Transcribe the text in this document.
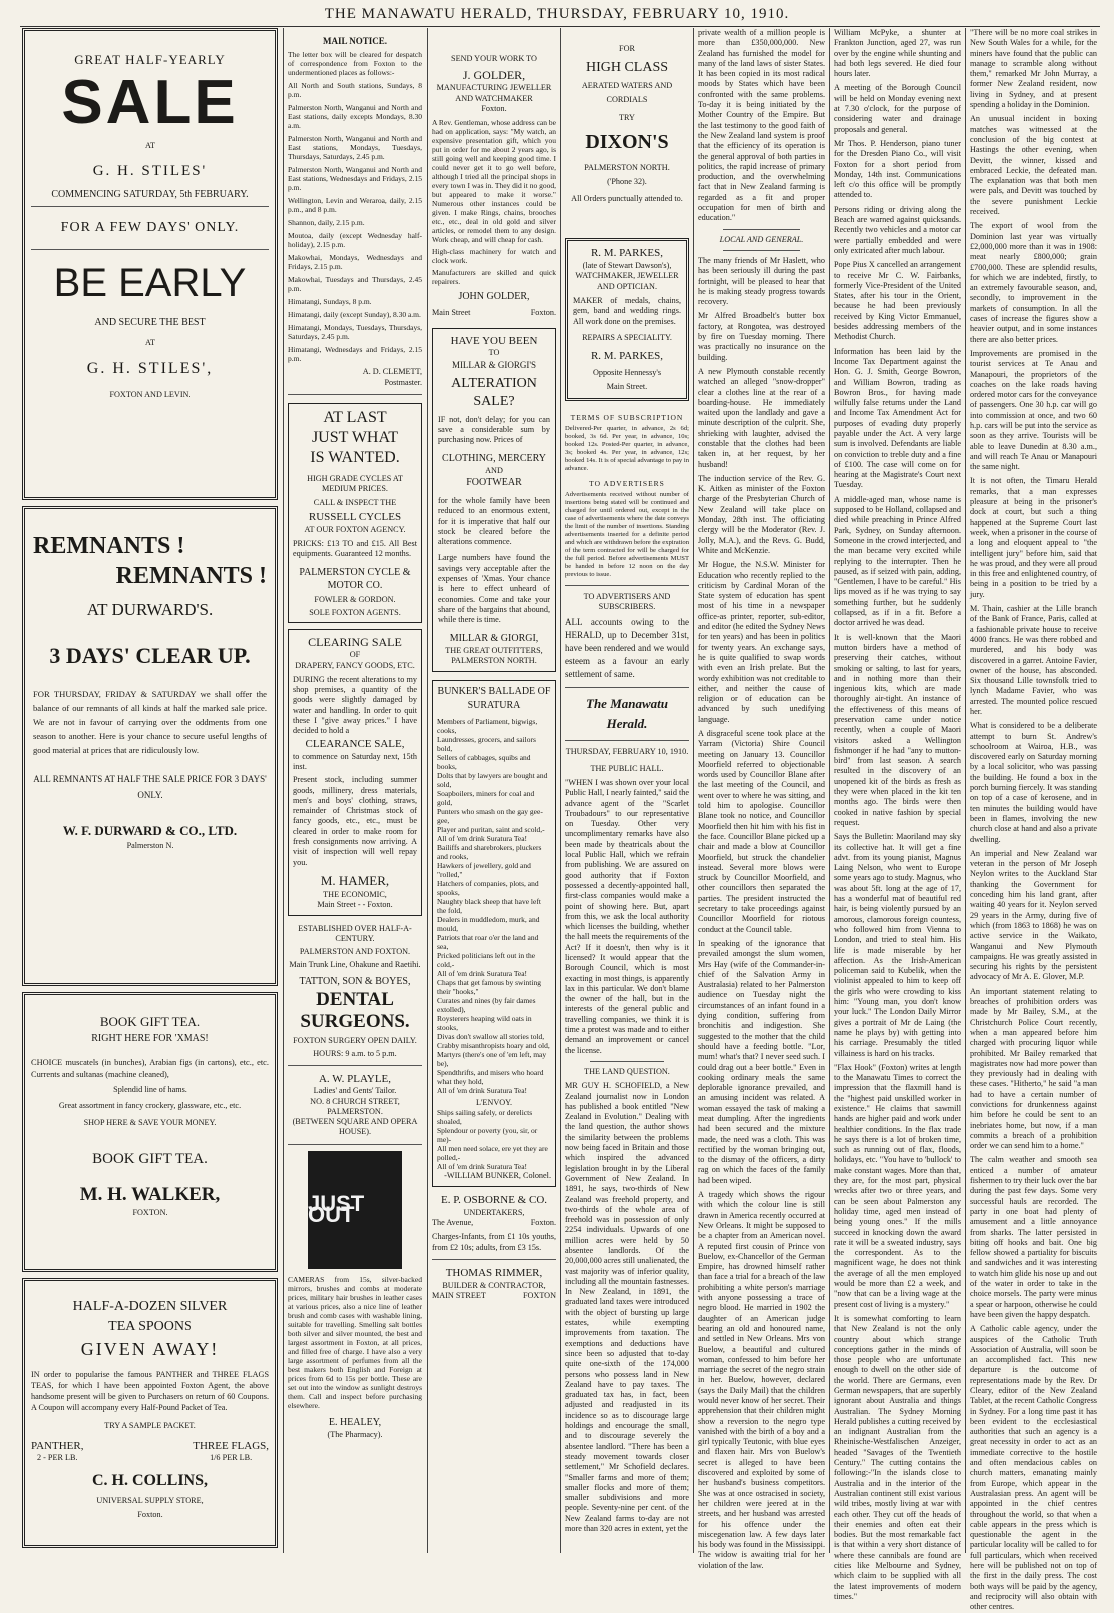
THE MANAWATU HERALD, THURSDAY, FEBRUARY 10, 1910.
GREAT HALF-YEARLY
SALE
AT
G. H. STILES'
COMMENCING SATURDAY, 5th FEBRUARY.
FOR A FEW DAYS' ONLY.
BE EARLY
AND SECURE THE BEST
AT
G. H. STILES',
FOXTON AND LEVIN.
REMNANTS !
REMNANTS !
AT DURWARD'S.
3 DAYS' CLEAR UP.
FOR THURSDAY, FRIDAY & SATURDAY we shall offer the balance of our remnants of all kinds at half the marked sale price. We are not in favour of carrying over the oddments from one season to another. Here is your chance to secure useful lengths of good material at prices that are ridiculously low.
ALL REMNANTS AT HALF THE SALE PRICE FOR 3 DAYS' ONLY.
W. F. DURWARD & CO., LTD.
Palmerston N.
BOOK GIFT TEA.
RIGHT HERE FOR 'XMAS!
CHOICE muscatels (in bunches), Arabian figs (in cartons), etc., etc. Currents and sultanas (machine cleaned),
Splendid line of hams.
Great assortment in fancy crockery, glassware, etc., etc.
SHOP HERE & SAVE YOUR MONEY.
BOOK GIFT TEA.
M. H. WALKER,
FOXTON.
HALF-A-DOZEN SILVER
TEA SPOONS
GIVEN AWAY!
IN order to popularise the famous PANTHER and THREE FLAGS TEAS, for which I have been appointed Foxton Agent, the above handsome present will be given to Purchasers on return of 60 Coupons. A Coupon will accompany every Half-Pound Packet of Tea.
TRY A SAMPLE PACKET.
PANTHER,
2 - PER LB.
THREE FLAGS,
1/6 PER LB.
C. H. COLLINS,
UNIVERSAL SUPPLY STORE,
Foxton.
MAIL NOTICE.

The letter box will be cleared for despatch of correspondence from Foxton to the undermentioned places as follows:-

All North and South stations, Sundays, 8 p.m.

Palmerston North, Wanganui and North and East stations, daily excepts Mondays, 8.30 a.m.

Palmerston North, Wanganui and North and East stations, Mondays, Tuesdays, Thursdays, Saturdays, 2.45 p.m.

Palmerston North, Wanganui and North and East stations, Wednesdays and Fridays, 2.15 p.m.

Wellington, Levin and Weraroa, daily, 2.15 p.m., and 8 p.m.

Shannon, daily, 2.15 p.m.

Moutoa, daily (except Wednesday half-holiday), 2.15 p.m.

Makowhai, Mondays, Wednesdays and Fridays, 2.15 p.m.

Makowhai, Tuesdays and Thursdays, 2.45 p.m.

Himatangi, Sundays, 8 p.m.

Himatangi, daily (except Sunday), 8.30 a.m.

Himatangi, Mondays, Tuesdays, Thursdays, Saturdays, 2.45 p.m.

Himatangi, Wednesdays and Fridays, 2.15 p.m.

A. D. CLEMETT,
Postmaster.
AT LAST
JUST WHAT
IS WANTED.
HIGH GRADE CYCLES AT MEDIUM PRICES.
CALL & INSPECT THE
RUSSELL CYCLES
AT OUR FOXTON AGENCY.
PRICKS: £13 TO and £15. All Best equipments. Guaranteed 12 months.
PALMERSTON CYCLE & MOTOR CO.
FOWLER & GORDON.
SOLE FOXTON AGENTS.
CLEARING SALE
OF
DRAPERY, FANCY GOODS, ETC.
DURING the recent alterations to my shop premises, a quantity of the goods were slightly damaged by water and handling. In order to quit these I "give away prices." I have decided to hold a
CLEARANCE SALE,
to commence on Saturday next, 15th inst.
Present stock, including summer goods, millinery, dress materials, men's and boys' clothing, straws, remainder of Christmas stock of fancy goods, etc., etc., must be cleared in order to make room for fresh consignments now arriving. A visit of inspection will well repay you.
M. HAMER,
THE ECONOMIC,
Main Street - - Foxton.
ESTABLISHED OVER HALF-A-CENTURY.
PALMERSTON AND FOXTON.
Main Trunk Line, Ohakune and Raetihi.
TATTON, SON & BOYES,
DENTAL
SURGEONS.
FOXTON SURGERY OPEN DAILY.
HOURS: 9 a.m. to 5 p.m.
A. W. PLAYLE,
Ladies' and Gents' Tailor.
NO. 8 CHURCH STREET, PALMERSTON.
(BETWEEN SQUARE AND OPERA HOUSE).
JUST OUT
CAMERAS from 15s, silver-backed mirrors, brushes and combs at moderate prices, military hair brushes in leather cases at various prices, also a nice line of leather brush and comb cases with washable lining, suitable for travelling. Smelling salt bottles both silver and silver mounted, the best and largest assortment in Foxton, at all prices, and filled free of charge. I have also a very large assortment of perfumes from all the best makers both English and Foreign at prices from 6d to 15s per bottle. These are set out into the window as sunlight destroys them. Call and inspect before purchasing elsewhere.
E. HEALEY,
(The Pharmacy).
SEND YOUR WORK TO
J. GOLDER,
MANUFACTURING JEWELLER AND WATCHMAKER
Foxton.
A Rev. Gentleman, whose address can be had on application, says: "My watch, an expensive presentation gift, which you put in order for me about 2 years ago, is still going well and keeping good time. I could never get it to go well before, although I tried all the principal shops in every town I was in. They did it no good, but appeared to make it worse." Numerous other instances could be given. I make Rings, chains, brooches etc., etc., deal in old gold and silver articles, or remodel them to any design. Work cheap, and will cheap for cash.
High-class machinery for watch and clock work.
Manufacturers are skilled and quick repairers.
JOHN GOLDER,
Main Street	Foxton.
HAVE YOU BEEN
TO
MILLAR & GIORGI'S
ALTERATION
SALE?
IF not, don't delay; for you can save a considerable sum by purchasing now. Prices of
CLOTHING, MERCERY
AND
FOOTWEAR
for the whole family have been reduced to an enormous extent, for it is imperative that half our stock be cleared before the alterations commence.
Large numbers have found the savings very acceptable after the expenses of 'Xmas. Your chance is here to effect unheard of economies. Come and take your share of the bargains that abound, while there is time.
MILLAR & GIORGI,
THE GREAT OUTFITTERS,
PALMERSTON NORTH.
BUNKER'S BALLADE OF SURATURA
Members of Parliament, bigwigs, cooks,
Laundresses, grocers, and sailors bold,
Sellers of cabbages, squibs and books,
Dolts that by lawyers are bought and sold,
Soapboilers, miners for coal and gold,
Punters who smash on the gay gee-gee,
Player and puritan, saint and scold,-
All of 'em drink Suratura Tea!
Bailiffs and sharebrokers, pluckers and rooks,
Hawkers of jewellery, gold and "rolled,"
Hatchers of companies, plots, and spooks,
Naughty black sheep that have left the fold,
Dealers in muddledom, murk, and mould,
Patriots that roar o'er the land and sea,
Pricked politicians left out in the cold,-
All of 'em drink Suratura Tea!
Chaps that get famous by swinting their "hooks,"
Curates and nines (by fair dames extolled),
Roysterers heaping wild oats in stooks,
Divas don't swallow all stories told,
Crabby misanthropists hoary and old,
Martyrs (there's one of 'em left, may be),
Spendthrifts, and misers who hoard what they hold,
All of 'em drink Suratura Tea!
L'ENVOY.
Ships sailing safely, or derelicts shoaled,
Splendour or poverty (you, sir, or me)-
All men need solace, ere yet they are polled,-
All of 'em drink Suratura Tea!
-WILLIAM BUNKER, Colonel.
E. P. OSBORNE & CO.
UNDERTAKERS,
The Avenue,	Foxton.
Charges-Infants, from £1 10s youths, from £2 10s; adults, from £3 15s.
THOMAS RIMMER,
BUILDER & CONTRACTOR,
MAIN STREET	FOXTON
FOR
HIGH CLASS
AERATED WATERS AND
CORDIALS
TRY
DIXON'S
PALMERSTON NORTH.
('Phone 32).
All Orders punctually attended to.
R. M. PARKES,
(late of Stewart Dawson's),
WATCHMAKER, JEWELLER AND OPTICIAN.
MAKER of medals, chains, gem, band and wedding rings. All work done on the premises.
REPAIRS A SPECIALITY.
R. M. PARKES,
Opposite Hennessy's
Main Street.
TERMS OF SUBSCRIPTION
Delivered-Per quarter, in advance, 2s 6d; booked, 3s 6d. Per year, in advance, 10s; booked 12s. Posted-Per quarter, in advance, 3s; booked 4s. Per year, in advance, 12s; booked 14s. It is of special advantage to pay in advance.
TO ADVERTISERS
Advertisements received without number of insertions being stated will be continued and charged for until ordered out, except in the case of advertisements where the date conveys the limit of the number of insertions. Standing advertisements inserted for a definite period and which are withdrawn before the expiration of the term contracted for will be charged for the full period. Before advertisements MUST be handed in before 12 noon on the day previous to issue.
TO ADVERTISERS AND SUBSCRIBERS.
ALL accounts owing to the HERALD, up to December 31st, have been rendered and we would esteem as a favour an early settlement of same.
The Manawatu Herald.
THURSDAY, FEBRUARY 10, 1910.
THE PUBLIC HALL.
"WHEN I was shown over your local Public Hall, I nearly fainted," said the advance agent of the "Scarlet Troubadours" to our representative on Tuesday. Other very uncomplimentary remarks have also been made by theatricals about the local Public Hall, which we refrain from publishing. We are assured on good authority that if Foxton possessed a decently-appointed hall, first-class companies would make a point of showing here. But, apart from this, we ask the local authority which licenses the building, whether the hall meets the requirements of the Act? If it doesn't, then why is it licensed? It would appear that the Borough Council, which is most exacting in most things, is apparently lax in this particular. We don't blame the owner of the hall, but in the interests of the general public and travelling companies, we think it is time a protest was made and to either demand an improvement or cancel the license.
THE LAND QUESTION.
MR GUY H. SCHOFIELD, a New Zealand journalist now in London has published a book entitled "New Zealand in Evolution." Dealing with the land question, the author shows the similarity between the problems now being faced in Britain and those which inspired the advanced legislation brought in by the Liberal Government of New Zealand. In 1891, he says, two-thirds of New Zealand was freehold property, and two-thirds of the whole area of freehold was in possession of only 2254 individuals. Upwards of one million acres were held by 50 absentee landlords. Of the 20,000,000 acres still unalienated, the vast majority was of inferior quality, including all the mountain fastnesses. In New Zealand, in 1891, the graduated land taxes were introduced with the object of bursting up large estates, while exempting improvements from taxation. The exemptions and deductions have since been so adjusted that to-day quite one-sixth of the 174,000 persons who possess land in New Zealand have to pay taxes. The graduated tax has, in fact, been adjusted and readjusted in its incidence so as to discourage large holdings and encourage the small, and to discourage severely the absentee landlord. "There has been a steady movement towards closer settlement," Mr Schofield declares. "Smaller farms and more of them; smaller flocks and more of them; smaller subdivisions and more people. Seventy-nine per cent. of the New Zealand farms to-day are not more than 320 acres in extent, yet the

private wealth of a million people is more than £350,000,000. New Zealand has furnished the model for many of the land laws of sister States. It has been copied in its most radical moods by States which have been confronted with the same problems. To-day it is being initiated by the Mother Country of the Empire. But the last testimony to the good faith of the New Zealand land system is proof that the efficiency of its operation is the general approval of both parties in politics, the rapid increase of primary production, and the overwhelming fact that in New Zealand farming is regarded as a fit and proper occupation for men of birth and education."

LOCAL AND GENERAL.

The many friends of Mr Haslett, who has been seriously ill during the past fortnight, will be pleased to hear that he is making steady progress towards recovery.

Mr Alfred Broadbelt's butter box factory, at Rongotea, was destroyed by fire on Tuesday morning. There was practically no insurance on the building.

A new Plymouth constable recently watched an alleged "snow-dropper" clear a clothes line at the rear of a boarding-house. He immediately waited upon the landlady and gave a minute description of the culprit. She, shrieking with laughter, advised the constable that the clothes had been taken in, at her request, by her husband!

The induction service of the Rev. G. K. Aitken as minister of the Foxton charge of the Presbyterian Church of New Zealand will take place on Monday, 28th inst. The officiating clergy will be the Moderator (Rev. J. Jolly, M.A.), and the Revs. G. Budd, White and McKenzie.

Mr Hogue, the N.S.W. Minister for Education who recently replied to the criticism by Cardinal Moran of the State system of education has spent most of his time in a newspaper office-as printer, reporter, sub-editor, and editor (he edited the Sydney News for ten years) and has been in politics for twenty years. An exchange says, he is quite qualified to swap words with even an Irish prelate. But the wordy exhibition was not creditable to either, and neither the cause of religion or of education can be advanced by such unedifying language.

A disgraceful scene took place at the Yarram (Victoria) Shire Council meeting on January 13. Councillor Moorfield referred to objectionable words used by Councillor Blane after the last meeting of the Council, and went over to where he was sitting, and told him to apologise. Councillor Blane took no notice, and Councillor Moorfield then hit him with his fist in the face. Councillor Blane picked up a chair and made a blow at Councillor Moorfield, but struck the chandelier instead. Several more blows were struck by Councillor Moorfield, and other councillors then separated the parties. The president instructed the secretary to take proceedings against Councillor Moorfield for riotous conduct at the Council table.

In speaking of the ignorance that prevailed amongst the slum women, Mrs Hay (wife of the Commander-in-chief of the Salvation Army in Australasia) related to her Palmerston audience on Tuesday night the circumstances of an infant found in a dying condition, suffering from bronchitis and indigestion. She suggested to the mother that the child should have a feeding bottle. "Lor, mum! what's that? I never seed such. I could drag out a beer bottle." Even in cooking ordinary meals the same deplorable ignorance prevailed, and an amusing incident was related. A woman essayed the task of making a meat dumpling. After the ingredients had been secured and the mixture made, the need was a cloth. This was rectified by the woman bringing out, to the dismay of the officers, a dirty rag on which the faces of the family had been wiped.

A tragedy which shows the rigour with which the colour line is still drawn in America recently occurred at New Orleans. It might be supposed to be a chapter from an American novel. A reputed first cousin of Prince von Buelow, ex-Chancellor of the German Empire, has drowned himself rather than face a trial for a breach of the law prohibiting a white person's marriage with anyone possessing a trace of negro blood. He married in 1902 the daughter of an American judge bearing an old and honoured name, and settled in New Orleans. Mrs von Buelow, a beautiful and cultured woman, confessed to him before her marriage the secret of the negro strain in her. Buelow, however, declared (says the Daily Mail) that the children would never know of her secret. Their apprehension that their children might show a reversion to the negro type vanished with the birth of a boy and a girl typically Teutonic, with blue eyes and flaxen hair. Mrs von Buelow's secret is alleged to have been discovered and exploited by some of her husband's business competitors. She was at once ostracised in society, her children were jeered at in the streets, and her husband was arrested for his offence under the miscegenation law. A few days later his body was found in the Mississippi. The widow is awaiting trial for her violation of the law.

William McPyke, a shunter at Frankton Junction, aged 27, was run over by the engine while shunting and had both legs severed. He died four hours later.

A meeting of the Borough Council will be held on Monday evening next at 7.30 o'clock, for the purpose of considering water and drainage proposals and general.

Mr Thos. P. Henderson, piano tuner for the Dresden Piano Co., will visit Foxton for a short period from Monday, 14th inst. Communications left c/o this office will be promptly attended to.

Persons riding or driving along the Beach are warned against quicksands. Recently two vehicles and a motor car were partially embedded and were only extricated after much labour.

Pope Pius X cancelled an arrangement to receive Mr C. W. Fairbanks, formerly Vice-President of the United States, after his tour in the Orient, because he had been previously received by King Victor Emmanuel, besides addressing members of the Methodist Church.

Information has been laid by the Income Tax Department against the Hon. G. J. Smith, George Bowron, and William Bowron, trading as Bowron Bros., for having made wilfully false returns under the Land and Income Tax Amendment Act for purposes of evading duty properly payable under the Act. A very large sum is involved. Defendants are liable on conviction to treble duty and a fine of £100. The case will come on for hearing at the Magistrate's Court next Tuesday.

A middle-aged man, whose name is supposed to be Holland, collapsed and died while preaching in Prince Alfred Park, Sydney, on Sunday afternoon. Someone in the crowd interjected, and the man became very excited while replying to the interrupter. Then he paused, as if seized with pain, adding, "Gentlemen, I have to be careful." His lips moved as if he was trying to say something further, but he suddenly collapsed, as if in a fit. Before a doctor arrived he was dead.

It is well-known that the Maori mutton birders have a method of preserving their catches, without smoking or salting, to last for years, and in nothing more than their ingenious kits, which are made thoroughly air-tight. An instance of the effectiveness of this means of preservation came under notice recently, when a couple of Maori visitors asked a Wellington fishmonger if he had "any to mutton-bird" from last season. A search resulted in the discovery of an unopened kit of the birds as fresh as they were when placed in the kit ten months ago. The birds were then cooked in native fashion by special request.

Says the Bulletin: Maoriland may sky its collective hat. It will get a fine advt. from its young pianist, Magnus Laing Nelson, who went to Europe some years ago to study. Magnus, who was about 5ft. long at the age of 17, has a wonderful mat of beautiful red hair, is being violently pursued by an amorous, clamorous foreign countess, who followed him from Vienna to London, and tried to steal him. His life is made miserable by her affection. As the Irish-American policeman said to Kubelik, when the violinist appealed to him to keep off the girls who were crowding to kiss him: "Young man, you don't know your luck." The London Daily Mirror gives a portrait of Mr de Laing (the name he plays by) with getting into his carriage. Presumably the titled villainess is hard on his tracks.

"Flax Hook" (Foxton) writes at length to the Manawatu Times to correct the impression that the flaxmill hand is the "highest paid unskilled worker in existence." He claims that sawmill hands are higher paid and work under healthier conditions. In the flax trade he says there is a lot of broken time, such as running out of flax, floods, holidays, etc. "You have to 'bullock' to make constant wages. More than that, they are, for the most part, physical wrecks after two or three years, and can be seen about Palmerston any holiday time, aged men instead of being young ones." If the mills succeed in knocking down the award rate it will be a sweated industry, says the correspondent. As to the magnificent wage, he does not think the average of all the men employed would be more than £2 a week, and "now that can be a living wage at the present cost of living is a mystery."

It is somewhat comforting to learn that New Zealand is not the only country about which strange conceptions gather in the minds of those people who are unfortunate enough to dwell on the other side of the world. There are Germans, even German newspapers, that are superbly ignorant about Australia and things Australian. The Sydney Morning Herald publishes a cutting received by an indignant Australian from the Rheinische-Westfalischen Anzeiger, headed "Savages of the Twentieth Century." The cutting contains the following:-"In the islands close to Australia and in the interior of the Australian continent still exist various wild tribes, mostly living at war with each other. They cut off the heads of their enemies and often eat their bodies. But the most remarkable fact is that within a very short distance of where these cannibals are found are cities like Melbourne and Sydney, which claim to be supplied with all the latest improvements of modern times."

"There will be no more coal strikes in New South Wales for a while, for the miners have found that the public can manage to scramble along without them," remarked Mr John Murray, a former New Zealand resident, now living in Sydney, and at present spending a holiday in the Dominion.

An unusual incident in boxing matches was witnessed at the conclusion of the big contest at Hastings the other evening, when Devitt, the winner, kissed and embraced Leckie, the defeated man. The explanation was that both men were pals, and Devitt was touched by the severe punishment Leckie received.

The export of wool from the Dominion last year was virtually £2,000,000 more than it was in 1908: meat nearly £800,000; grain £700,000. These are splendid results, for which we are indebted, firstly, to an extremely favourable season, and, secondly, to improvement in the markets of consumption. In all the cases of increase the figures show a heavier output, and in some instances there are also better prices.

Improvements are promised in the tourist services at Te Anau and Manapouri, the proprietors of the coaches on the lake roads having ordered motor cars for the conveyance of passengers. One 30 h.p. car will go into commission at once, and two 60 h.p. cars will be put into the service as soon as they arrive. Tourists will be able to leave Dunedin at 8.30 a.m., and will reach Te Anau or Manapouri the same night.

It is not often, the Timaru Herald remarks, that a man expresses pleasure at being in the prisoner's dock at court, but such a thing happened at the Supreme Court last week, when a prisoner in the course of a long and eloquent appeal to "the intelligent jury" before him, said that he was proud, and they were all proud in this free and enlightened country, of being in a position to be tried by a jury.

M. Thain, cashier at the Lille branch of the Bank of France, Paris, called at a fashionable private house to receive 4000 francs. He was there robbed and murdered, and his body was discovered in a garret. Antoine Favier, owner of the house, has absconded. Six thousand Lille townsfolk tried to lynch Madame Favier, who was arrested. The mounted police rescued her.

What is considered to be a deliberate attempt to burn St. Andrew's schoolroom at Wairoa, H.B., was discovered early on Saturday morning by a local solicitor, who was passing the building. He found a box in the porch burning fiercely. It was standing on top of a case of kerosene, and in ten minutes the building would have been in flames, involving the new church close at hand and also a private dwelling.

An imperial and New Zealand war veteran in the person of Mr Joseph Neylon writes to the Auckland Star thanking the Government for conceding him his land grant, after waiting 40 years for it. Neylon served 29 years in the Army, during five of which (from 1863 to 1868) he was on active service in the Waikato, Wanganui and New Plymouth campaigns. He was greatly assisted in securing his rights by the persistent advocacy of Mr A. E. Glover, M.P.

An important statement relating to breaches of prohibition orders was made by Mr Bailey, S.M., at the Christchurch Police Court recently, when a man appeared before him charged with procuring liquor while prohibited. Mr Bailey remarked that magistrates now had more power than they previously had in dealing with these cases. "Hitherto," he said "a man had to have a certain number of convictions for drunkenness against him before he could be sent to an inebriates home, but now, if a man commits a breach of a prohibition order we can send him to a home."

The calm weather and smooth sea enticed a number of amateur fishermen to try their luck over the bar during the past few days. Some very successful hauls are recorded. The party in one boat had plenty of amusement and a little annoyance from sharks. The latter persisted in biting off hooks and bait. One big fellow showed a partiality for biscuits and sandwiches and it was interesting to watch him glide his nose up and out of the water in order to take in the choice morsels. The party were minus a spear or harpoon, otherwise he could have been given the happy despatch.

A Catholic cable agency, under the auspices of the Catholic Truth Association of Australia, will soon be an accomplished fact. This new departure is the outcome of representations made by the Rev. Dr Cleary, editor of the New Zealand Tablet, at the recent Catholic Congress in Sydney. For a long time past it has been evident to the ecclesiastical authorities that such an agency is a great necessity in order to act as an immediate corrective to the hostile and often mendacious cables on church matters, emanating mainly from Europe, which appear in the Australasian press. An agent will be appointed in the chief centres throughout the world, so that when a cable appears in the press which is questionable the agent in the particular locality will be called to for full particulars, which when received here will be published not on top of the first in the daily press. The cost both ways will be paid by the agency, and reciprocity will also obtain with other centres.
